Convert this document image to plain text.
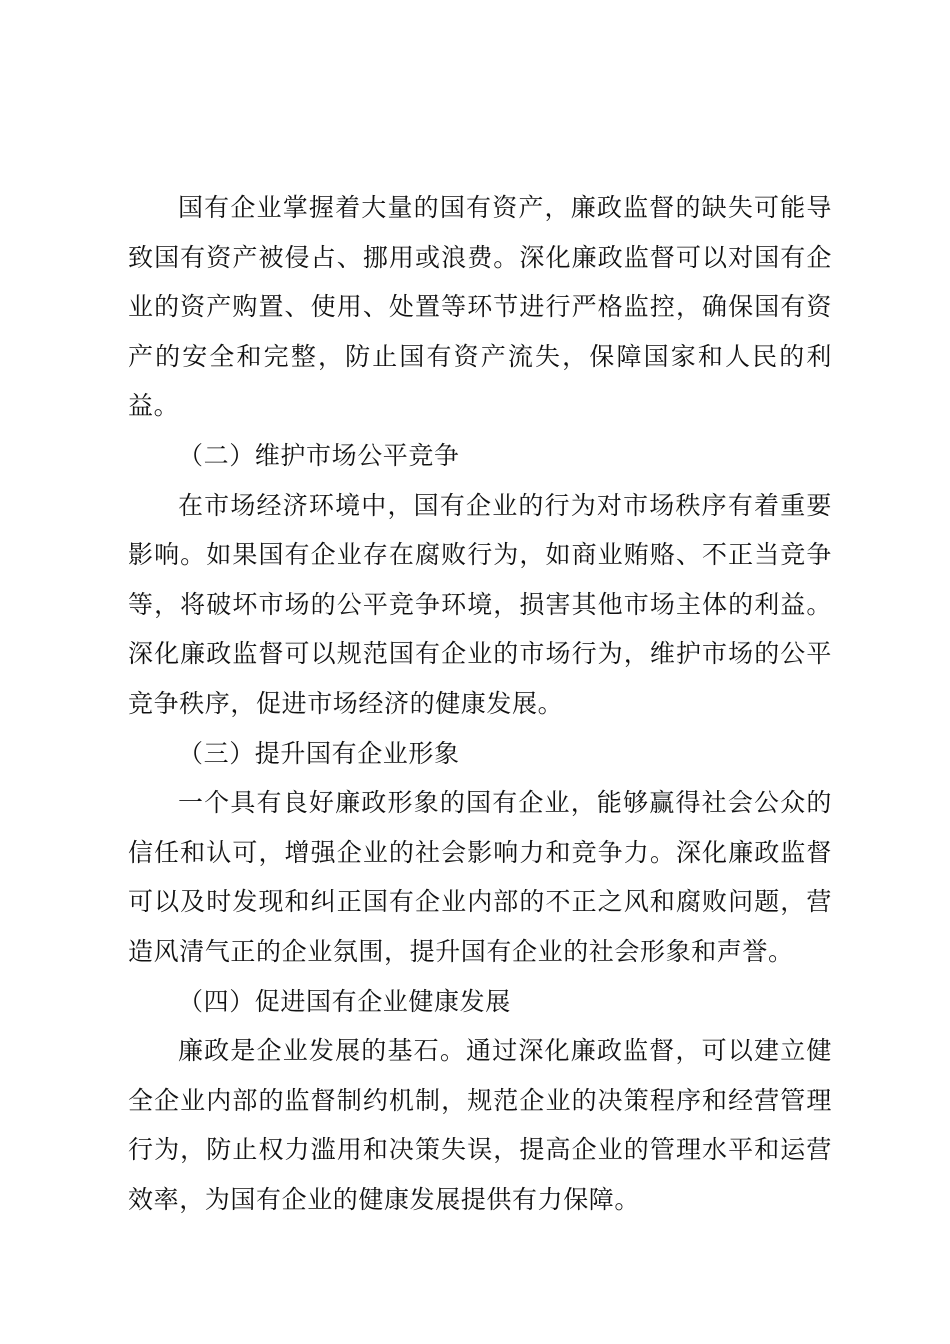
国有企业掌握着大量的国有资产，廉政监督的缺失可能导致国有资产被侵占、挪用或浪费。深化廉政监督可以对国有企业的资产购置、使用、处置等环节进行严格监控，确保国有资产的安全和完整，防止国有资产流失，保障国家和人民的利益。

（二）维护市场公平竞争

在市场经济环境中，国有企业的行为对市场秩序有着重要影响。如果国有企业存在腐败行为，如商业贿赂、不正当竞争等，将破坏市场的公平竞争环境，损害其他市场主体的利益。深化廉政监督可以规范国有企业的市场行为，维护市场的公平竞争秩序，促进市场经济的健康发展。

（三）提升国有企业形象

一个具有良好廉政形象的国有企业，能够赢得社会公众的信任和认可，增强企业的社会影响力和竞争力。深化廉政监督可以及时发现和纠正国有企业内部的不正之风和腐败问题，营造风清气正的企业氛围，提升国有企业的社会形象和声誉。

（四）促进国有企业健康发展

廉政是企业发展的基石。通过深化廉政监督，可以建立健全企业内部的监督制约机制，规范企业的决策程序和经营管理行为，防止权力滥用和决策失误，提高企业的管理水平和运营效率，为国有企业的健康发展提供有力保障。
